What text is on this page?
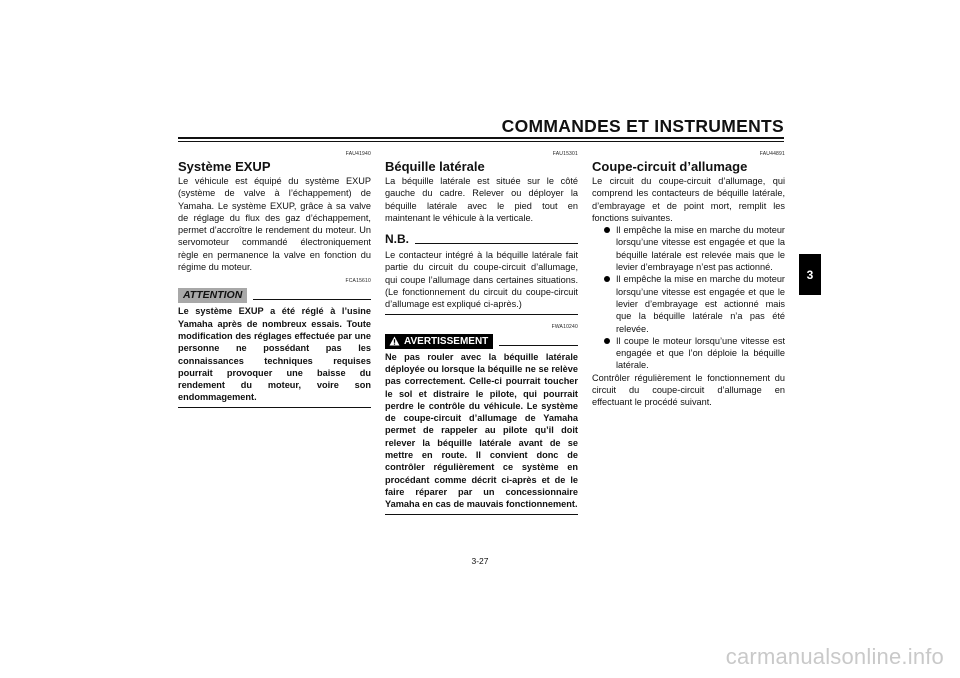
COMMANDES ET INSTRUMENTS
3
FAU41940
Système EXUP

Le véhicule est équipé du système EXUP (système de valve à l’échappement) de Yamaha. Le système EXUP, grâce à sa valve de réglage du flux des gaz d’échappement, permet d’accroître le rendement du moteur. Un servomoteur commandé électroniquement règle en permanence la valve en fonction du régime du moteur.

FCA15610
ATTENTION

Le système EXUP a été réglé à l’usine Yamaha après de nombreux essais. Toute modification des réglages effectuée par une personne ne possédant pas les connaissances techniques requises pourrait provoquer une baisse du rendement du moteur, voire son endommagement.

FAU15301
Béquille latérale

La béquille latérale est située sur le côté gauche du cadre. Relever ou déployer la béquille latérale avec le pied tout en maintenant le véhicule à la verticale.

N.B.

Le contacteur intégré à la béquille latérale fait partie du circuit du coupe-circuit d’allumage, qui coupe l’allumage dans certaines situations. (Le fonctionnement du circuit du coupe-circuit d’allumage est expliqué ci-après.)

FWA10240
AVERTISSEMENT

Ne pas rouler avec la béquille latérale déployée ou lorsque la béquille ne se relève pas correctement. Celle-ci pourrait toucher le sol et distraire le pilote, qui pourrait perdre le contrôle du véhicule. Le système de coupe-circuit d’allumage de Yamaha permet de rappeler au pilote qu’il doit relever la béquille latérale avant de se mettre en route. Il convient donc de contrôler régulièrement ce système en procédant comme décrit ci-après et de le faire réparer par un concessionnaire Yamaha en cas de mauvais fonctionnement.

FAU44891
Coupe-circuit d’allumage

Le circuit du coupe-circuit d’allumage, qui comprend les contacteurs de béquille latérale, d’embrayage et de point mort, remplit les fonctions suivantes.

Il empêche la mise en marche du moteur lorsqu’une vitesse est engagée et que la béquille latérale est relevée mais que le levier d’embrayage n’est pas actionné.
Il empêche la mise en marche du moteur lorsqu’une vitesse est engagée et que le levier d’embrayage est actionné mais que la béquille latérale n’a pas été relevée.
Il coupe le moteur lorsqu’une vitesse est engagée et que l’on déploie la béquille latérale.

Contrôler régulièrement le fonctionnement du circuit du coupe-circuit d’allumage en effectuant le procédé suivant.

3-27
carmanualsonline.info
